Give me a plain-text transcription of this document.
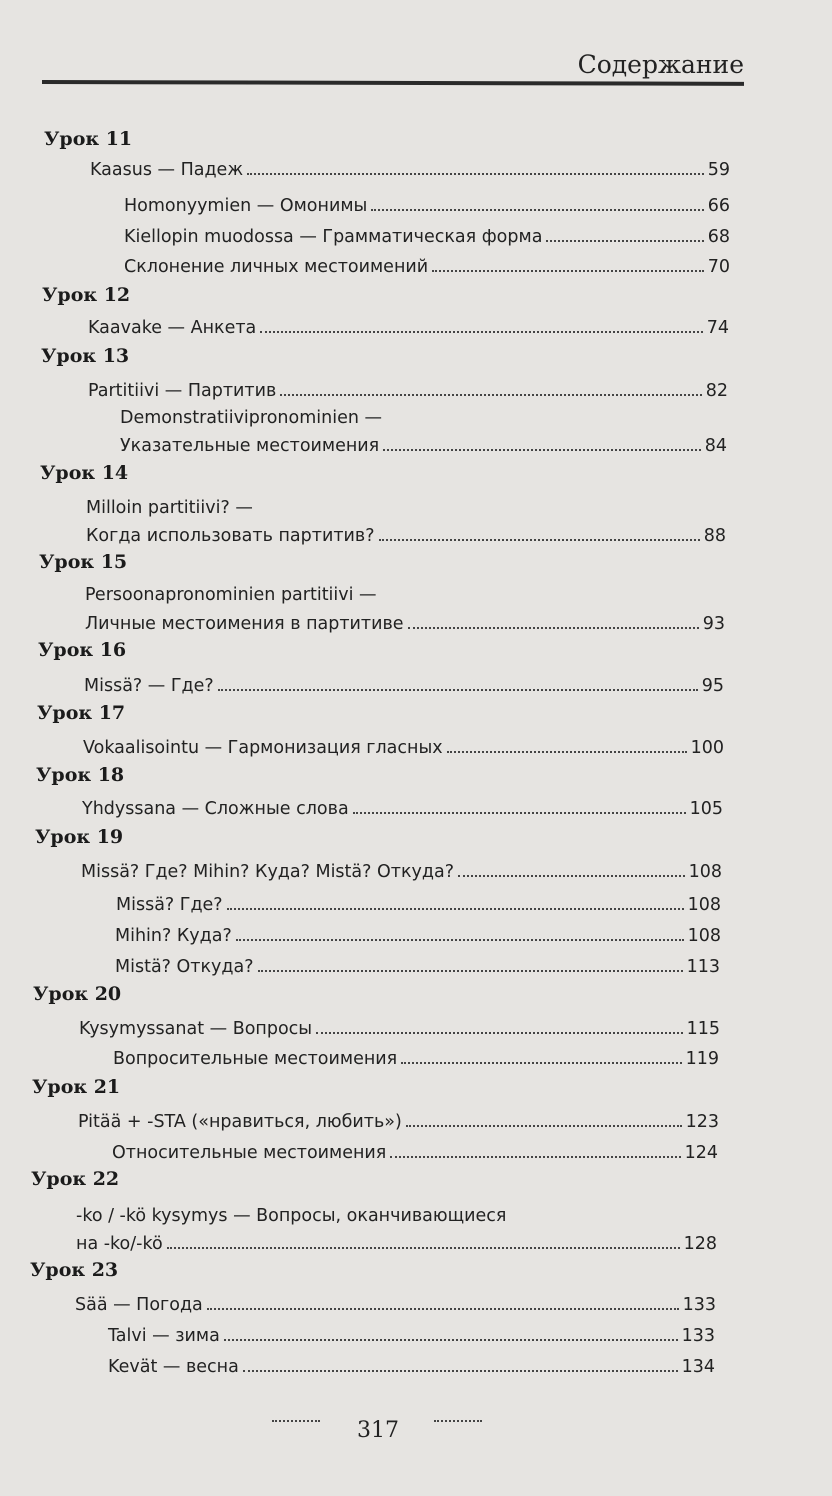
Содержание
Урок 11
Kaasus — Падеж	59
Homonyymien — Омонимы	66
Kiellopin muodossa — Грамматическая форма	68
Склонение личных местоимений	70
Урок 12
Kaavake — Анкета	74
Урок 13
Partitiivi — Партитив	82
Demonstratiivipronominien —
Указательные местоимения	84
Урок 14
Milloin partitiivi? —
Когда использовать партитив?	88
Урок 15
Persoonapronominien partitiivi —
Личные местоимения в партитиве	93
Урок 16
Missä? — Где?	95
Урок 17
Vokaalisointu — Гармонизация гласных	100
Урок 18
Yhdyssana — Сложные слова	105
Урок 19
Missä? Где? Mihin? Куда? Mistä? Откуда?	108
Missä? Где?	108
Mihin? Куда?	108
Mistä? Откуда?	113
Урок 20
Kysymyssanat — Вопросы	115
Вопросительные местоимения	119
Урок 21
Pitää + -STA («нравиться, любить»)	123
Относительные местоимения	124
Урок 22
-ko / -kö kysymys — Вопросы, оканчивающиеся
на -ko/-kö	128
Урок 23
Sää — Погода	133
Talvi — зима	133
Kevät — весна	134
317
